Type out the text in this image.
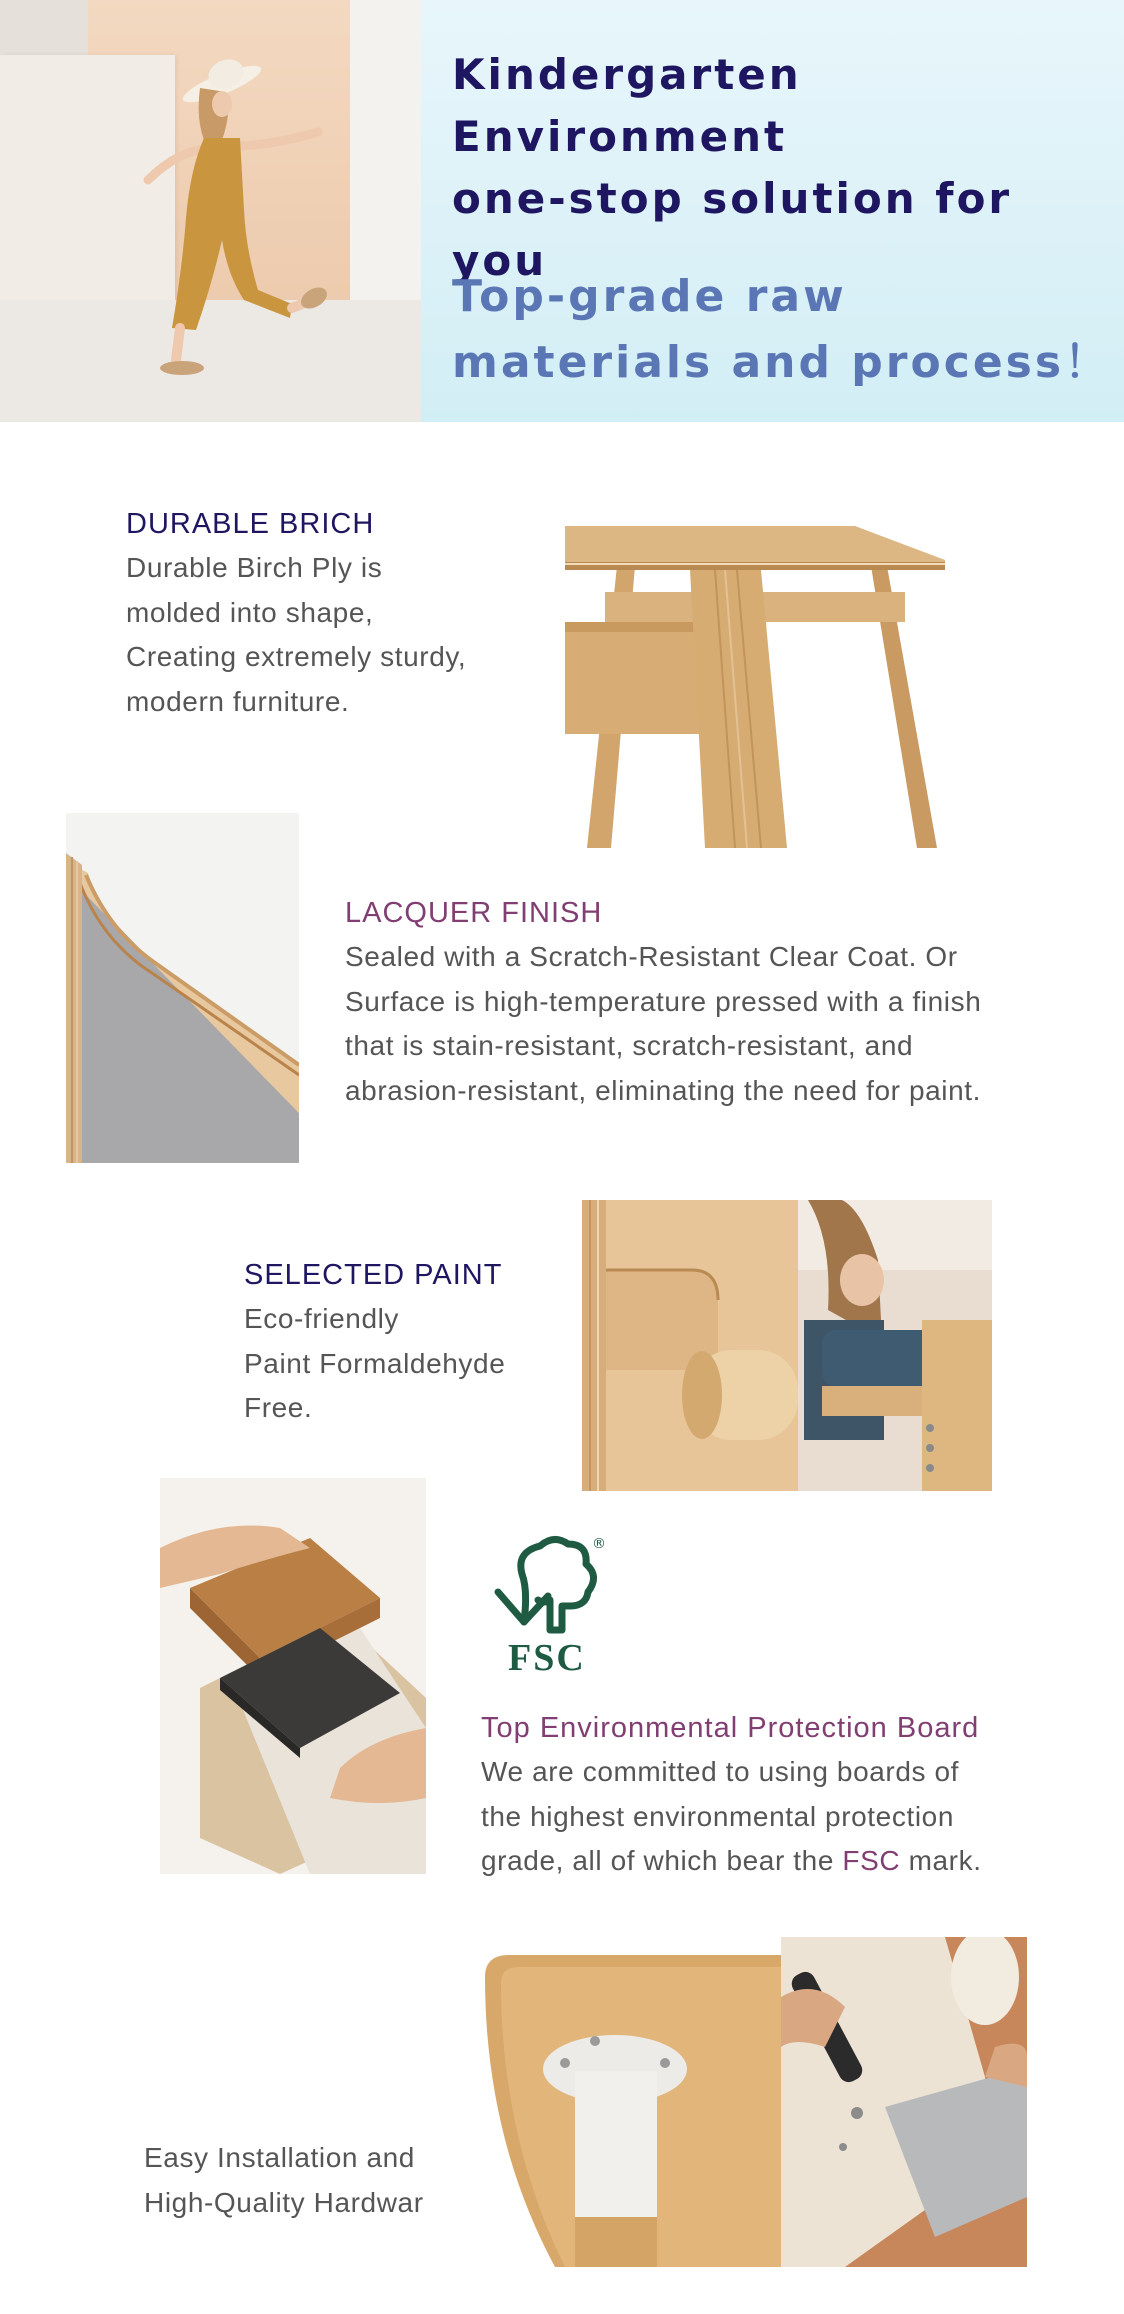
Kindergarten
Environment
one-stop solution for you
Top-grade raw
materials and process！
DURABLE BRICH
Durable Birch Ply is
molded into shape,
Creating extremely sturdy,
modern furniture.
LACQUER FINISH
Sealed with a Scratch-Resistant Clear Coat. Or
Surface is high-temperature pressed with a finish
that is stain-resistant, scratch-resistant, and
abrasion-resistant, eliminating the need for paint.
SELECTED PAINT
Eco-friendly
Paint Formaldehyde
Free.
®
FSC
Top Environmental Protection Board
We are committed to using boards of
the highest environmental protection
grade, all of which bear the FSC mark.
Easy Installation and
High-Quality Hardwar
